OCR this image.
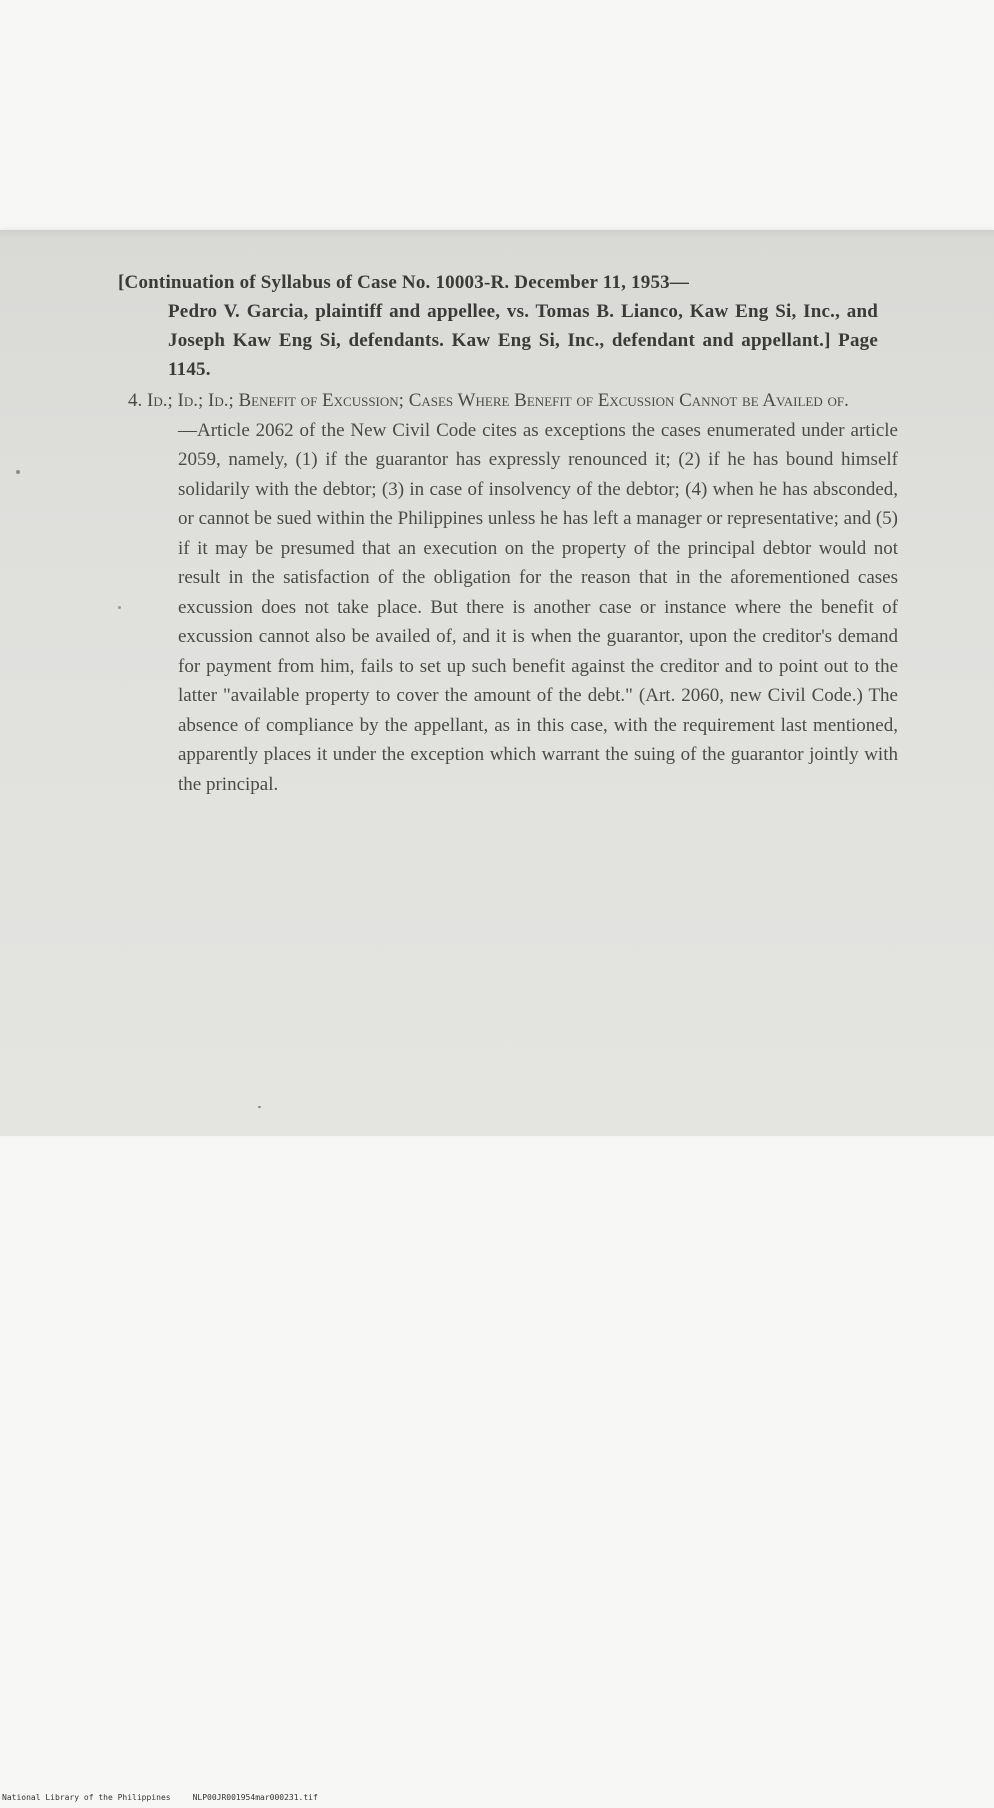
[Continuation of Syllabus of Case No. 10003-R. December 11, 1953—
Pedro V. Garcia, plaintiff and appellee, vs. Tomas B. Lianco, Kaw Eng Si, Inc., and Joseph Kaw Eng Si, defendants. Kaw Eng Si, Inc., defendant and appellant.] Page 1145.
4. Id.; Id.; Id.; Benefit of Excussion; Cases Where Benefit of Excussion Cannot be Availed of.
—Article 2062 of the New Civil Code cites as exceptions the cases enumerated under article 2059, namely, (1) if the guarantor has expressly renounced it; (2) if he has bound himself solidarily with the debtor; (3) in case of insolvency of the debtor; (4) when he has absconded, or cannot be sued within the Philippines unless he has left a manager or representative; and (5) if it may be presumed that an execution on the property of the principal debtor would not result in the satisfaction of the obligation for the reason that in the aforementioned cases excussion does not take place. But there is another case or instance where the benefit of excussion cannot also be availed of, and it is when the guarantor, upon the creditor's demand for payment from him, fails to set up such benefit against the creditor and to point out to the latter "available property to cover the amount of the debt." (Art. 2060, new Civil Code.) The absence of compliance by the appellant, as in this case, with the requirement last mentioned, apparently places it under the exception which warrant the suing of the guarantor jointly with the principal.
National Library of the Philippines	NLP00JR001954mar000231.tif
